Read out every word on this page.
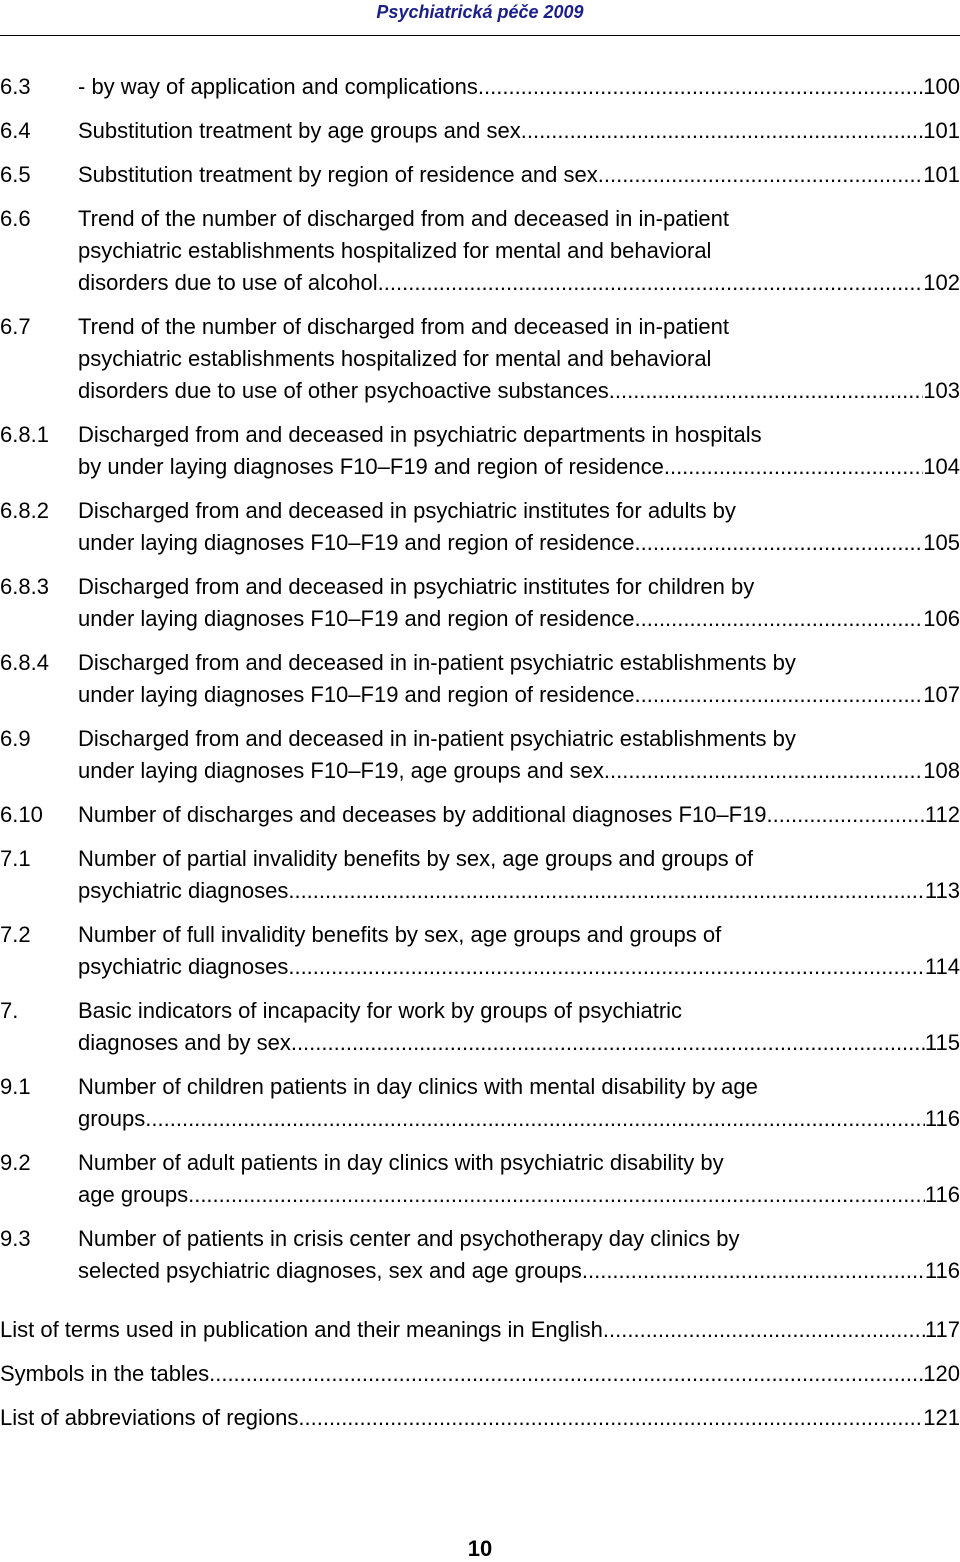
Psychiatrická péče 2009
6.3 - by way of application and complications .....	100
6.4 Substitution treatment by age groups and sex. .....	101
6.5 Substitution treatment by region of residence and sex .....	101
6.6 Trend of the number of discharged from and deceased in in-patient
psychiatric establishments hospitalized for mental and behavioral
disorders due to use of alcohol .....	102
6.7 Trend of the number of discharged from and deceased in in-patient
psychiatric establishments hospitalized for mental and behavioral
disorders due to use of other psychoactive substances .....	103
6.8.1 Discharged from and deceased in psychiatric departments in hospitals
by under laying diagnoses F10–F19 and region of residence .....	104
6.8.2 Discharged from and deceased in psychiatric institutes for adults by
under laying diagnoses F10–F19 and region of residence .....	105
6.8.3 Discharged from and deceased in psychiatric institutes for children by
under laying diagnoses F10–F19 and region of residence .....	106
6.8.4 Discharged from and deceased in in-patient psychiatric establishments by
under laying diagnoses F10–F19 and region of residence .....	107
6.9 Discharged from and deceased in in-patient psychiatric establishments by
under laying diagnoses F10–F19, age groups and sex .....	108
6.10 Number of discharges and deceases by additional diagnoses F10–F19. .....	112
7.1 Number of partial invalidity benefits by sex, age groups and groups of
psychiatric diagnoses .....	113
7.2 Number of full invalidity benefits by sex, age groups and groups of
psychiatric diagnoses .....	114
7.	Basic indicators of incapacity for work by groups of psychiatric
diagnoses and by sex .....	115
9.1 Number of children patients in day clinics with mental disability by age
groups .....	116
9.2 Number of adult patients in day clinics with psychiatric disability by
age groups .....	116
9.3 Number of patients in crisis center and psychotherapy day clinics by
selected psychiatric diagnoses, sex and age groups .....	116
List of terms used in publication and their meanings in English .....	117
Symbols in the tables .....	120
List of abbreviations of regions .....	121
10
